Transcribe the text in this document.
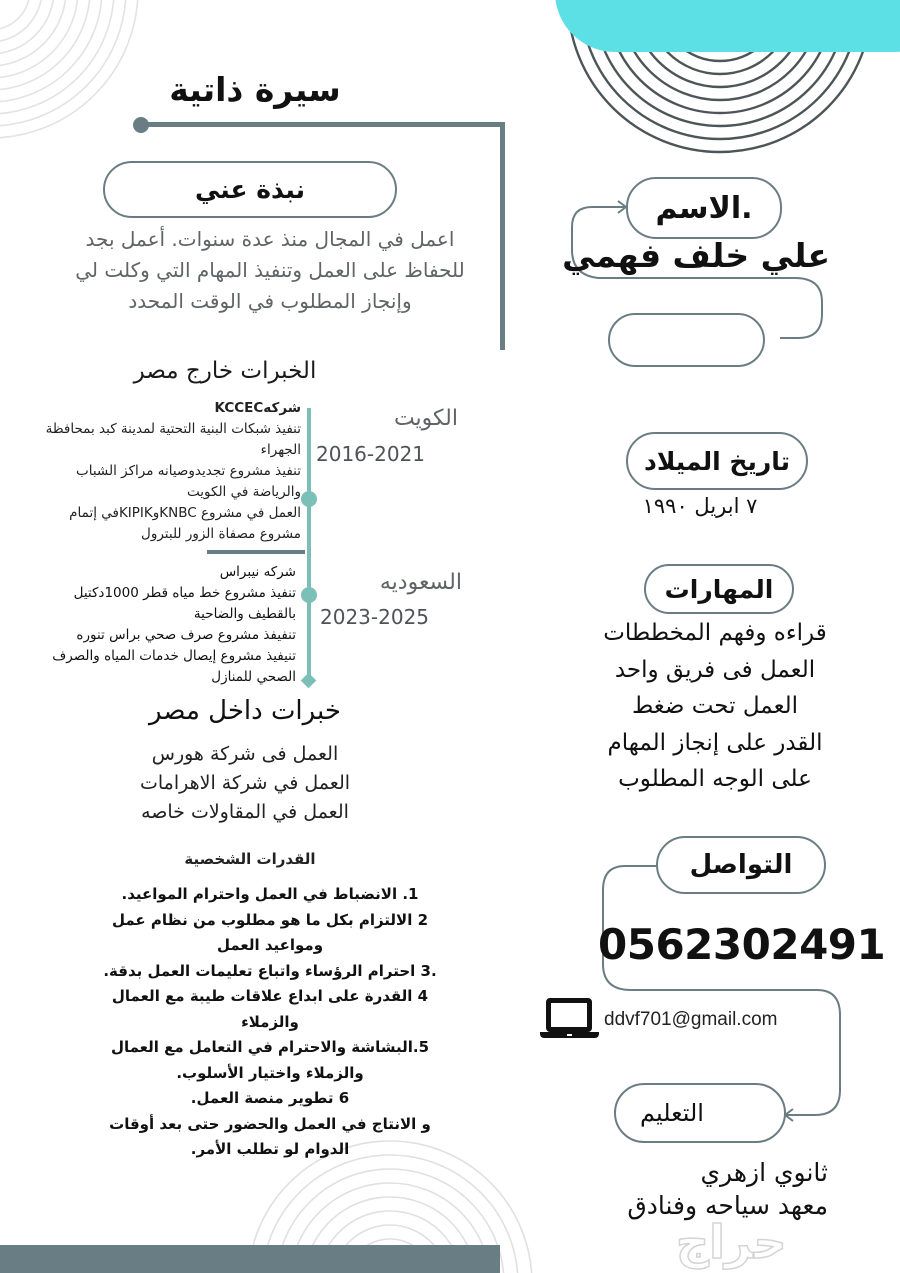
سيرة ذاتية
نبذة عني
اعمل في المجال منذ عدة سنوات. أعمل بجد
للحفاظ على العمل وتنفيذ المهام التي وكلت لي
وإنجاز المطلوب في الوقت المحدد
الخبرات خارج مصر
الكويت
2016-2021
شركهKCCEC
تنفيذ شبكات البنية التحتية لمدينة كبد بمحافظة
الجهراء
تنفيذ مشروع تجديدوصيانه مراكز الشباب
والرياضة في الكويت
العمل في مشروع KNBCوKIPIKفي إتمام
مشروع مصفاة الزور للبترول
السعوديه
2023-2025
شركه نيبراس
تنفيذ مشروع خط مياه قطر 1000دكتيل
بالقطيف والضاحية
تنفيفذ مشروع صرف صحي براس تنوره
تنيفيذ مشروع إيصال خدمات المياه والصرف
الصحي للمنازل
خبرات داخل مصر
العمل فى شركة هورس
العمل في شركة الاهرامات
العمل في المقاولات خاصه
القدرات الشخصية
1. الانضباط في العمل واحترام المواعيد.
2 الالتزام بكل ما هو مطلوب من نظام عمل
ومواعيد العمل
.3 احترام الرؤساء واتباع تعليمات العمل بدقة.
4 القدرة على ابداع علاقات طيبة مع العمال
والزملاء
5.البشاشة والاحترام في التعامل مع العمال
والزملاء واختيار الأسلوب.
6 تطوير منصة العمل.
و الانتاج في العمل والحضور حتى بعد أوقات
الدوام لو تطلب الأمر.
الاسم.
علي خلف فهمي
تاريخ الميلاد
٧ ابريل ١٩٩٠
المهارات
قراءه وفهم المخططات
العمل فى فريق واحد
العمل تحت ضغط
القدر على إنجاز المهام
على الوجه المطلوب
التواصل
0562302491
ddvf701@gmail.com
التعليم
ثانوي ازهري
معهد سياحه وفنادق
حراج
